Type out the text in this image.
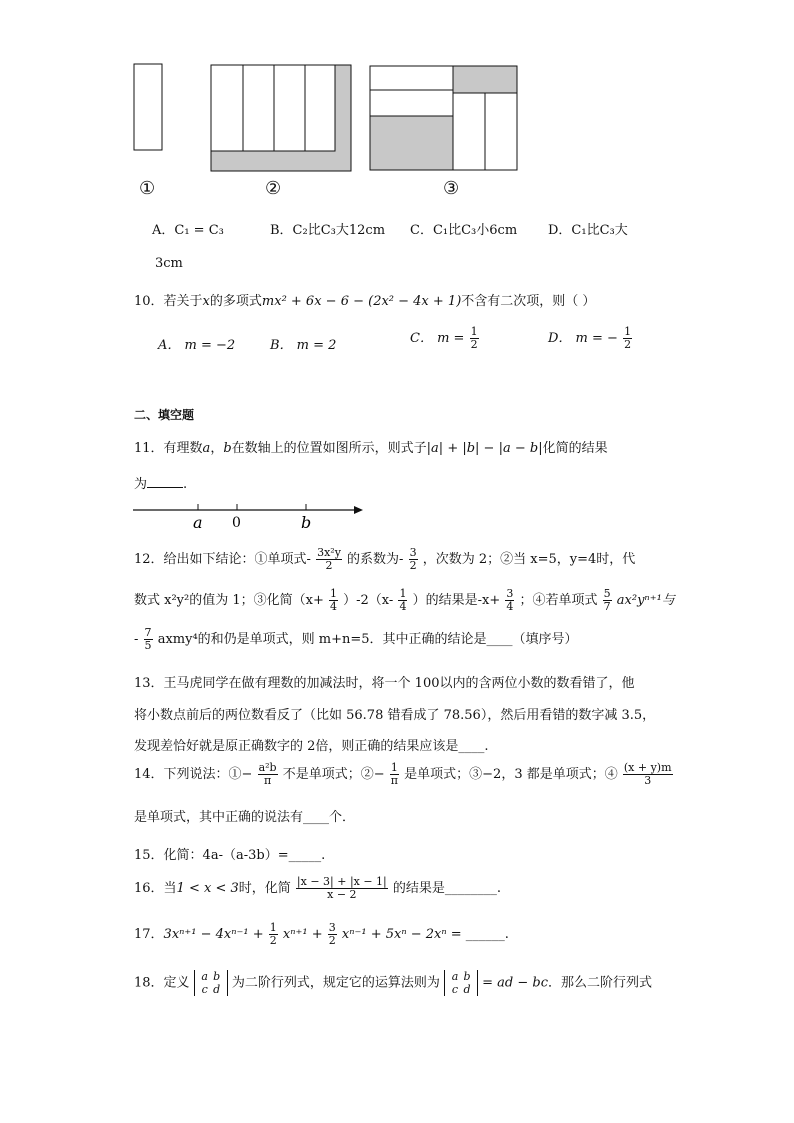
①	②	③
A．C₁ = C₃	B．C₂比C₃大12cm C．C₁比C₃小6cm D．C₁比C₃大
3cm
10．若关于x的多项式mx² + 6x − 6 − (2x² − 4x + 1)不含有二次项，则（ ）
A． m = −2	B． m = 2	C． $m = \frac{1}{2}$	D． m = − $\frac{1}{2}$
二、填空题
11．有理数a，b在数轴上的位置如图所示，则式子|a| + |b| − |a − b|化简的结果
为	.
a 0	b
12．给出如下结论：①单项式- $\frac{\text{3x²y}}{2}$ 的系数为- $\frac{3}{2}$ ，次数为 2；②当 x=5，y=4时，代
数式 x²y²的值为 1；③化简$(x+ \frac{1}{4} )-2(x- \frac{1}{4}$ ）的结果是$-x+ \frac{3}{4}$ ；④若单项式 $\frac{5}{7} ax^2y^{n+1}$与
- $\frac{7}{5}$ axmy⁴的和仍是单项式，则 m+n=5．其中正确的结论是____（填序号）
13．王马虎同学在做有理数的加减法时，将一个 100以内的含两位小数的数看错了，他
将小数点前后的两位数看反了（比如 56.78 错看成了 78.56），然后用看错的数字减 3.5，
发现差恰好就是原正确数字的 2倍，则正确的结果应该是____.
14．下列说法：①− $\frac{\text{a²b}}{\pi}$ 不是单项式；②− $\frac{1}{\pi}$ 是单项式；③−2，3 都是单项式；④ $\frac{(x + y)m}{3}$
是单项式，其中正确的说法有____个．
15．化简：4a-（a-3b）=_____.
16．当1 < x < 3时，化简 $\frac{|x - 3| + |x - 1|}{x - 2}$ 的结果是________.
17．$3x^{n+1} - 4x^{n-1} + \frac{1}{2} x^{n+1} + \frac{3}{2} x^{n-1} + 5x^n - 2x^n$ = ______.
18．定义 a b
c d 为二阶行列式，规定它的运算法则为 a b
c d = ad − bc．那么二阶行列式
